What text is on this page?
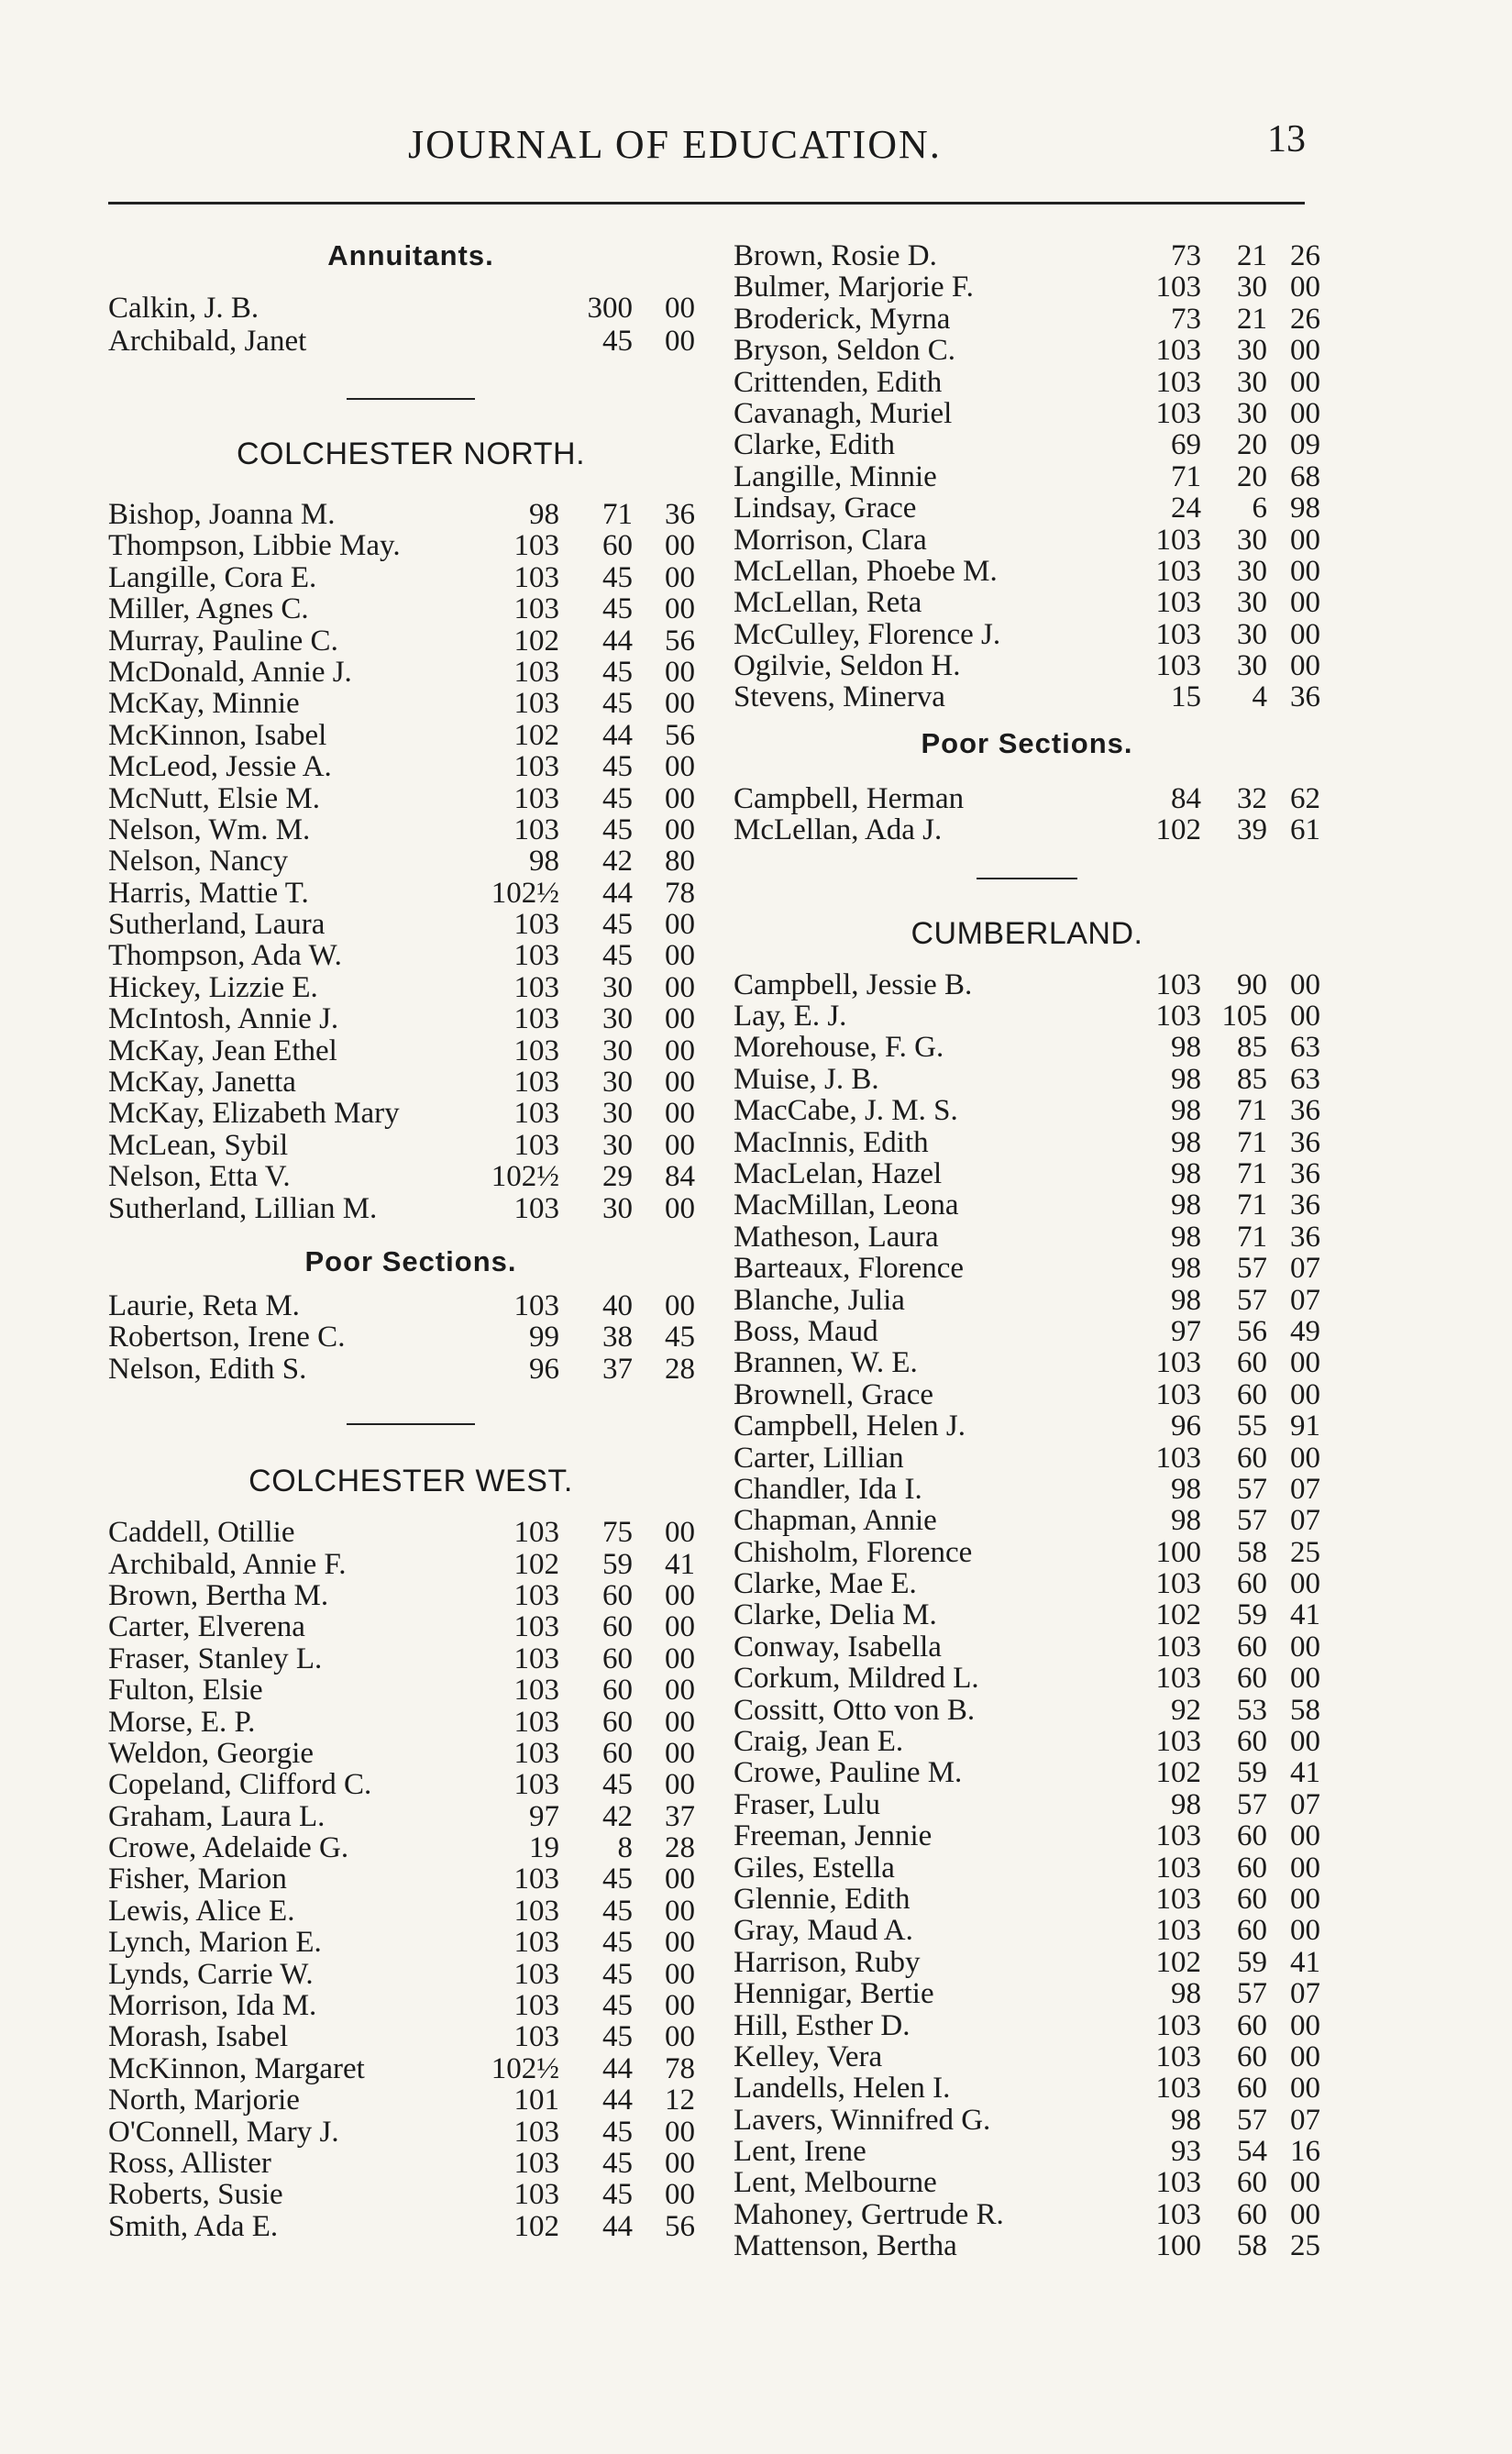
JOURNAL OF EDUCATION.	13
Annuitants.
Calkin, J. B.	300 00
Archibald, Janet	45 00
COLCHESTER NORTH.
Bishop, Joanna M.	98	71	36
Thompson, Libbie May.	103	60	00
Langille, Cora E.	103	45	00
Miller, Agnes C.	103	45	00
Murray, Pauline C.	102	44	56
McDonald, Annie J.	103	45	00
McKay, Minnie	103	45	00
McKinnon, Isabel	102	44	56
McLeod, Jessie A.	103	45	00
McNutt, Elsie M.	103	45	00
Nelson, Wm. M.	103	45	00
Nelson, Nancy	98	42	80
Harris, Mattie T.	102½	44	78
Sutherland, Laura	103	45	00
Thompson, Ada W.	103	45	00
Hickey, Lizzie E.	103	30	00
McIntosh, Annie J.	103	30	00
McKay, Jean Ethel	103	30	00
McKay, Janetta	103	30	00
McKay, Elizabeth Mary	103	30	00
McLean, Sybil	103	30	00
Nelson, Etta V.	102½	29	84
Sutherland, Lillian M.	103	30	00
Poor Sections.
Laurie, Reta M.	103	40	00
Robertson, Irene C.	99	38	45
Nelson, Edith S.	96	37	28
COLCHESTER WEST.
Caddell, Otillie	103	75	00
Archibald, Annie F.	102	59	41
Brown, Bertha M.	103	60	00
Carter, Elverena	103	60	00
Fraser, Stanley L.	103	60	00
Fulton, Elsie	103	60	00
Morse, E. P.	103	60	00
Weldon, Georgie	103	60	00
Copeland, Clifford C.	103	45	00
Graham, Laura L.	97	42	37
Crowe, Adelaide G.	19	8	28
Fisher, Marion	103	45	00
Lewis, Alice E.	103	45	00
Lynch, Marion E.	103	45	00
Lynds, Carrie W.	103	45	00
Morrison, Ida M.	103	45	00
Morash, Isabel	103	45	00
McKinnon, Margaret	102½	44	78
North, Marjorie	101	44	12
O'Connell, Mary J.	103	45	00
Ross, Allister	103	45	00
Roberts, Susie	103	45	00
Smith, Ada E.	102	44	56
Brown, Rosie D.	73	21 26
Bulmer, Marjorie F.	103	30 00
Broderick, Myrna	73	21 26
Bryson, Seldon C.	103	30 00
Crittenden, Edith	103	30 00
Cavanagh, Muriel	103	30 00
Clarke, Edith	69	20 09
Langille, Minnie	71	20 68
Lindsay, Grace	24	6 98
Morrison, Clara	103	30 00
McLellan, Phoebe M.	103	30 00
McLellan, Reta	103	30 00
McCulley, Florence J.	103	30 00
Ogilvie, Seldon H.	103	30 00
Stevens, Minerva	15	4 36
Poor Sections.
Campbell, Herman	84	32 62
McLellan, Ada J.	102	39 61
CUMBERLAND.
Campbell, Jessie B.	103	90 00
Lay, E. J.	103 105 00
Morehouse, F. G.	98	85 63
Muise, J. B.	98	85 63
MacCabe, J. M. S.	98	71 36
MacInnis, Edith	98	71 36
MacLelan, Hazel	98	71 36
MacMillan, Leona	98	71 36
Matheson, Laura	98	71 36
Barteaux, Florence	98	57 07
Blanche, Julia	98	57 07
Boss, Maud	97	56 49
Brannen, W. E.	103	60 00
Brownell, Grace	103	60 00
Campbell, Helen J.	96	55 91
Carter, Lillian	103	60 00
Chandler, Ida I.	98	57 07
Chapman, Annie	98	57 07
Chisholm, Florence	100	58 25
Clarke, Mae E.	103	60 00
Clarke, Delia M.	102	59 41
Conway, Isabella	103	60 00
Corkum, Mildred L.	103	60 00
Cossitt, Otto von B.	92	53 58
Craig, Jean E.	103	60 00
Crowe, Pauline M.	102	59 41
Fraser, Lulu	98	57 07
Freeman, Jennie	103	60 00
Giles, Estella	103	60 00
Glennie, Edith	103	60 00
Gray, Maud A.	103	60 00
Harrison, Ruby	102	59 41
Hennigar, Bertie	98	57 07
Hill, Esther D.	103	60 00
Kelley, Vera	103	60 00
Landells, Helen I.	103	60 00
Lavers, Winnifred G.	98	57 07
Lent, Irene	93	54 16
Lent, Melbourne	103	60 00
Mahoney, Gertrude R.	103	60 00
Mattenson, Bertha	100	58 25
